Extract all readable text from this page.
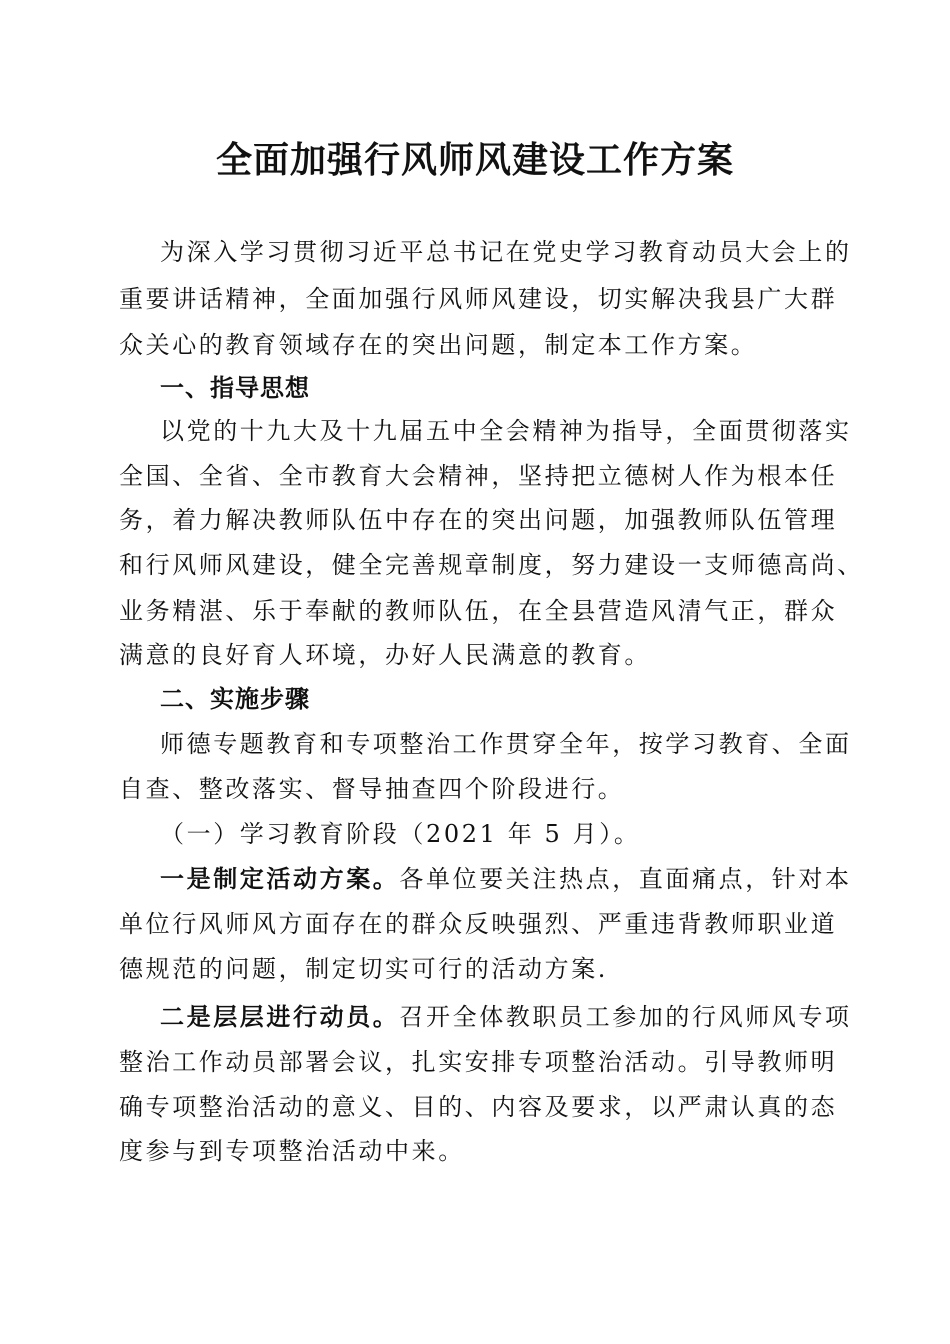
全面加强行风师风建设工作方案
为深入学习贯彻习近平总书记在党史学习教育动员大会上的
重要讲话精神，全面加强行风师风建设，切实解决我县广大群
众关心的教育领域存在的突出问题，制定本工作方案。
一、指导思想
以党的十九大及十九届五中全会精神为指导，全面贯彻落实
全国、全省、全市教育大会精神，坚持把立德树人作为根本任
务，着力解决教师队伍中存在的突出问题，加强教师队伍管理
和行风师风建设，健全完善规章制度，努力建设一支师德高尚、
业务精湛、乐于奉献的教师队伍，在全县营造风清气正，群众
满意的良好育人环境，办好人民满意的教育。
二、实施步骤
师德专题教育和专项整治工作贯穿全年，按学习教育、全面
自查、整改落实、督导抽查四个阶段进行。
（一）学习教育阶段（2021 年 5 月）。
一是制定活动方案。各单位要关注热点，直面痛点，针对本
单位行风师风方面存在的群众反映强烈、严重违背教师职业道
德规范的问题，制定切实可行的活动方案.
二是层层进行动员。召开全体教职员工参加的行风师风专项
整治工作动员部署会议，扎实安排专项整治活动。引导教师明
确专项整治活动的意义、目的、内容及要求，以严肃认真的态
度参与到专项整治活动中来。
